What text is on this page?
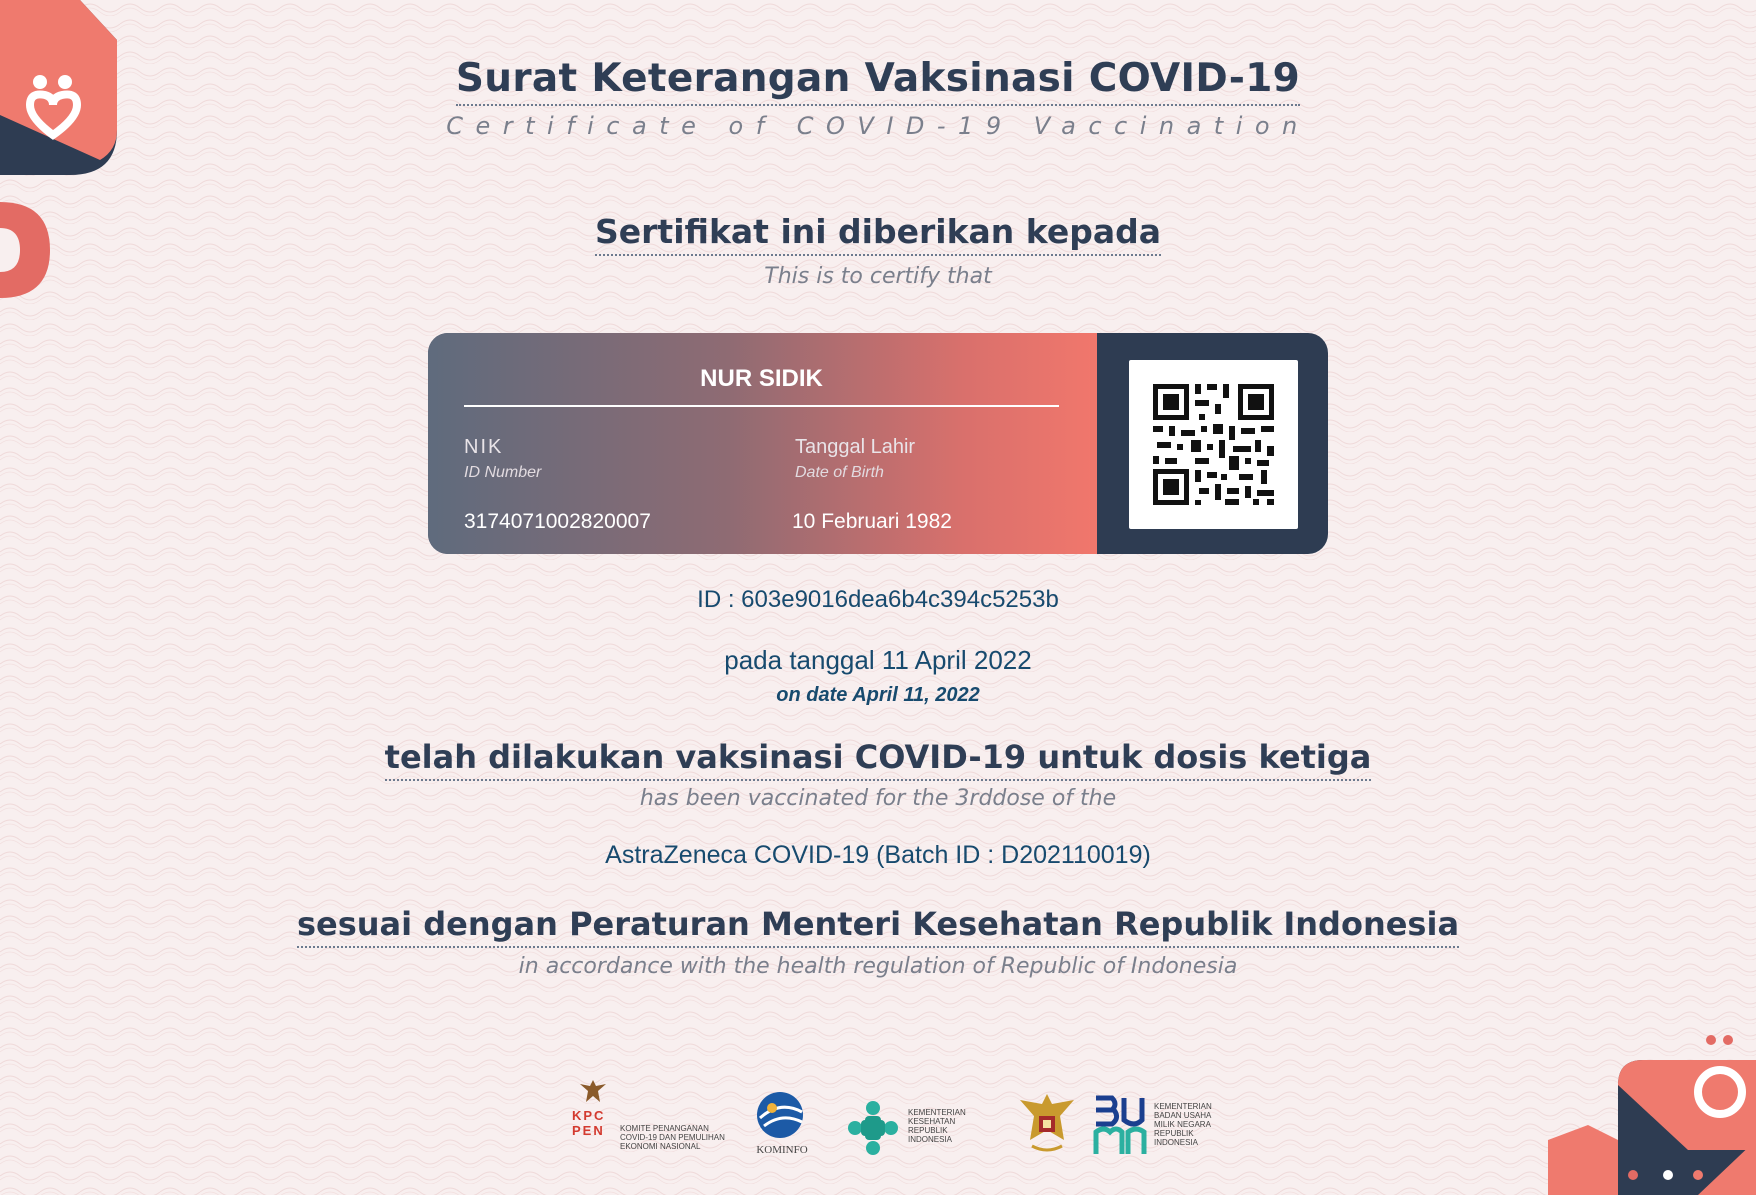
Surat Keterangan Vaksinasi COVID-19
Certificate of COVID-19 Vaccination
Sertifikat ini diberikan kepada
This is to certify that
NUR SIDIK
NIK
ID Number
3174071002820007
Tanggal Lahir
Date of Birth
10 Februari 1982
ID : 603e9016dea6b4c394c5253b
pada tanggal 11 April 2022
on date April 11, 2022
telah dilakukan vaksinasi COVID-19 untuk dosis ketiga
has been vaccinated for the 3rddose of the
AstraZeneca COVID-19 (Batch ID : D202110019)
sesuai dengan Peraturan Menteri Kesehatan Republik Indonesia
in accordance with the health regulation of Republic of Indonesia
KPC PEN	KOMITE PENANGANAN COVID-19 DAN PEMULIHAN EKONOMI NASIONAL	KOMINFO
KEMENTERIAN KESEHATAN REPUBLIK INDONESIA
KEMENTERIAN BADAN USAHA MILIK NEGARA REPUBLIK INDONESIA
